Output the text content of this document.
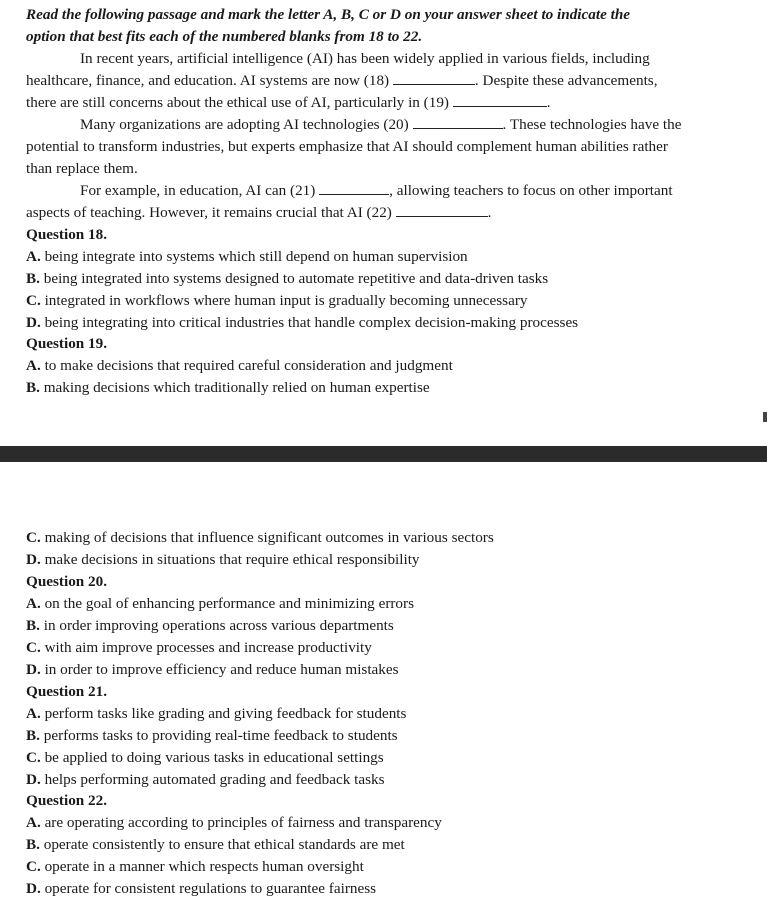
Read the following passage and mark the letter A, B, C or D on your answer sheet to indicate the
option that best fits each of the numbered blanks from 18 to 22.
In recent years, artificial intelligence (AI) has been widely applied in various fields, including
healthcare, finance, and education. AI systems are now (18)	. Despite these advancements,
there are still concerns about the ethical use of AI, particularly in (19)	.
Many organizations are adopting AI technologies (20)	. These technologies have the
potential to transform industries, but experts emphasize that AI should complement human abilities rather
than replace them.
For example, in education, AI can (21)	, allowing teachers to focus on other important
aspects of teaching. However, it remains crucial that AI (22)	.
Question 18.
A. being integrate into systems which still depend on human supervision
B. being integrated into systems designed to automate repetitive and data-driven tasks
C. integrated in workflows where human input is gradually becoming unnecessary
D. being integrating into critical industries that handle complex decision-making processes
Question 19.
A. to make decisions that required careful consideration and judgment
B. making decisions which traditionally relied on human expertise
C. making of decisions that influence significant outcomes in various sectors
D. make decisions in situations that require ethical responsibility
Question 20.
A. on the goal of enhancing performance and minimizing errors
B. in order improving operations across various departments
C. with aim improve processes and increase productivity
D. in order to improve efficiency and reduce human mistakes
Question 21.
A. perform tasks like grading and giving feedback for students
B. performs tasks to providing real-time feedback to students
C. be applied to doing various tasks in educational settings
D. helps performing automated grading and feedback tasks
Question 22.
A. are operating according to principles of fairness and transparency
B. operate consistently to ensure that ethical standards are met
C. operate in a manner which respects human oversight
D. operate for consistent regulations to guarantee fairness
